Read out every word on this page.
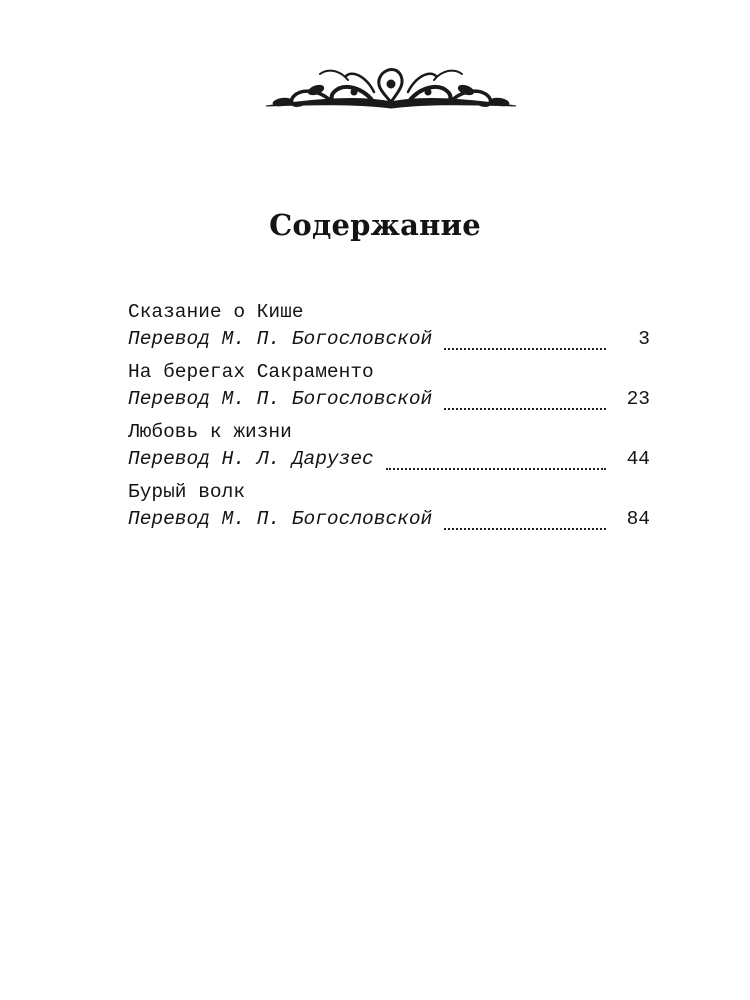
Содержание
Сказание о Кише
Перевод М. П. Богословской	3
На берегах Сакраменто
Перевод М. П. Богословской	23
Любовь к жизни
Перевод Н. Л. Дарузес	44
Бурый волк
Перевод М. П. Богословской	84
